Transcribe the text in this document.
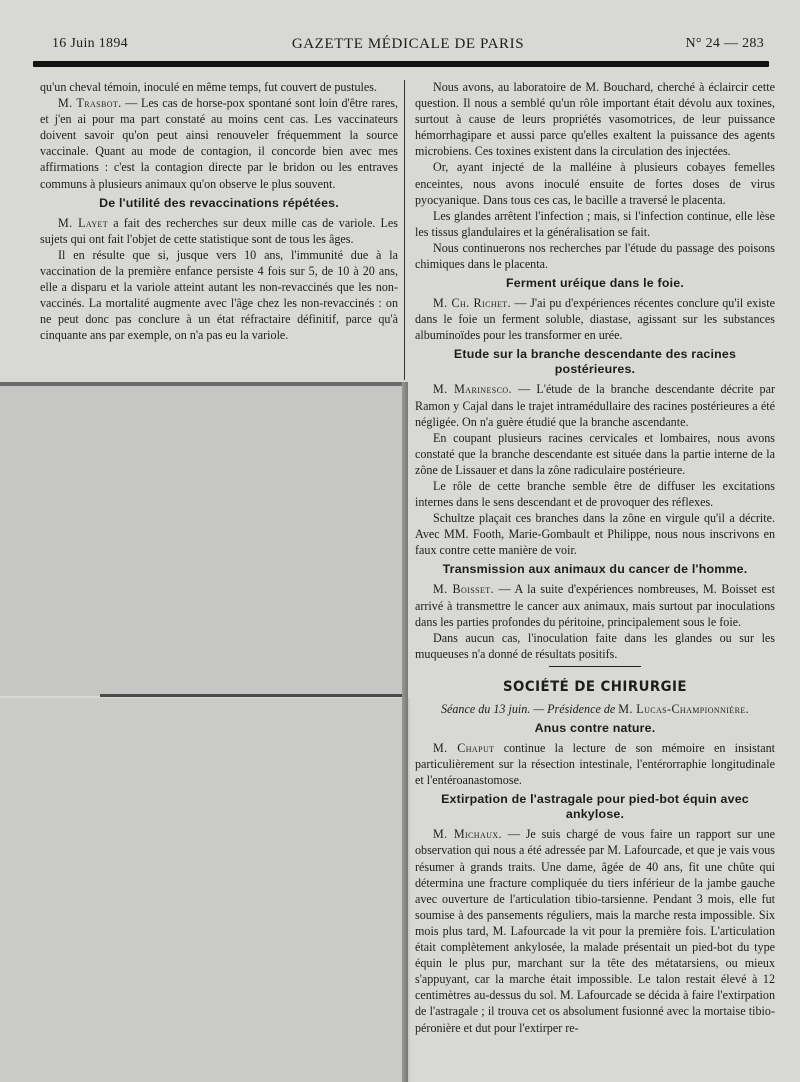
16 Juin 1894	GAZETTE MÉDICALE DE PARIS	N° 24 — 283

qu'un cheval témoin, inoculé en même temps, fut couvert de pustules.

M. Trasbot. — Les cas de horse-pox spontané sont loin d'être rares, et j'en ai pour ma part constaté au moins cent cas. Les vaccinateurs doivent savoir qu'on peut ainsi renouveler fréquemment la source vaccinale. Quant au mode de contagion, il concorde bien avec mes affirmations : c'est la contagion directe par le bridon ou les entraves communs à plusieurs animaux qu'on observe le plus souvent.

De l'utilité des revaccinations répétées.

M. Layet a fait des recherches sur deux mille cas de variole. Les sujets qui ont fait l'objet de cette statistique sont de tous les âges.

Il en résulte que si, jusque vers 10 ans, l'immunité due à la vaccination de la première enfance persiste 4 fois sur 5, de 10 à 20 ans, elle a disparu et la variole atteint autant les non-revaccinés que les non-vaccinés. La mortalité augmente avec l'âge chez les non-revaccinés : on ne peut donc pas conclure à un état réfractaire définitif, parce qu'à cinquante ans par exemple, on n'a pas eu la variole.

Nous avons, au laboratoire de M. Bouchard, cherché à éclaircir cette question. Il nous a semblé qu'un rôle important était dévolu aux toxines, surtout à cause de leurs propriétés vasomotrices, de leur puissance hémorrhagipare et aussi parce qu'elles exaltent la puissance des agents microbiens. Ces toxines existent dans la circulation des injectées.

Or, ayant injecté de la malléine à plusieurs cobayes femelles enceintes, nous avons inoculé ensuite de fortes doses de virus pyocyanique. Dans tous ces cas, le bacille a traversé le placenta.

Les glandes arrêtent l'infection ; mais, si l'infection continue, elle lèse les tissus glandulaires et la généralisation se fait.

Nous continuerons nos recherches par l'étude du passage des poisons chimiques dans le placenta.

Ferment uréique dans le foie.

M. Ch. Richet. — J'ai pu d'expériences récentes conclure qu'il existe dans le foie un ferment soluble, diastase, agissant sur les substances albuminoïdes pour les transformer en urée.

Etude sur la branche descendante des racines postérieures.

M. Marinesco. — L'étude de la branche descendante décrite par Ramon y Cajal dans le trajet intramédullaire des racines postérieures a été négligée. On n'a guère étudié que la branche ascendante.

En coupant plusieurs racines cervicales et lombaires, nous avons constaté que la branche descendante est située dans la partie interne de la zône de Lissauer et dans la zône radiculaire postérieure.

Le rôle de cette branche semble être de diffuser les excitations internes dans le sens descendant et de provoquer des réflexes.

Schultze plaçait ces branches dans la zône en virgule qu'il a décrite. Avec MM. Footh, Marie-Gombault et Philippe, nous nous inscrivons en faux contre cette manière de voir.

Transmission aux animaux du cancer de l'homme.

M. Boisset. — A la suite d'expériences nombreuses, M. Boisset est arrivé à transmettre le cancer aux animaux, mais surtout par inoculations dans les parties profondes du péritoine, principalement sous le foie.

Dans aucun cas, l'inoculation faite dans les glandes ou sur les muqueuses n'a donné de résultats positifs.

SOCIÉTÉ DE CHIRURGIE

Séance du 13 juin. — Présidence de M. Lucas-Championnière.

Anus contre nature.

M. Chaput continue la lecture de son mémoire en insistant particulièrement sur la résection intestinale, l'entérorraphie longitudinale et l'entéroanastomose.

Extirpation de l'astragale pour pied-bot équin avec ankylose.

M. Michaux. — Je suis chargé de vous faire un rapport sur une observation qui nous a été adressée par M. Lafourcade, et que je vais vous résumer à grands traits. Une dame, âgée de 40 ans, fit une chûte qui détermina une fracture compliquée du tiers inférieur de la jambe gauche avec ouverture de l'articulation tibio-tarsienne. Pendant 3 mois, elle fut soumise à des pansements réguliers, mais la marche resta impossible. Six mois plus tard, M. Lafourcade la vit pour la première fois. L'articulation était complètement ankylosée, la malade présentait un pied-bot du type équin le plus pur, marchant sur la tête des métatarsiens, ou mieux s'appuyant, car la marche était impossible. Le talon restait élevé à 12 centimètres au-dessus du sol. M. Lafourcade se décida à faire l'extirpation de l'astragale ; il trouva cet os absolument fusionné avec la mortaise tibio-péronière et dut pour l'extirper re-
